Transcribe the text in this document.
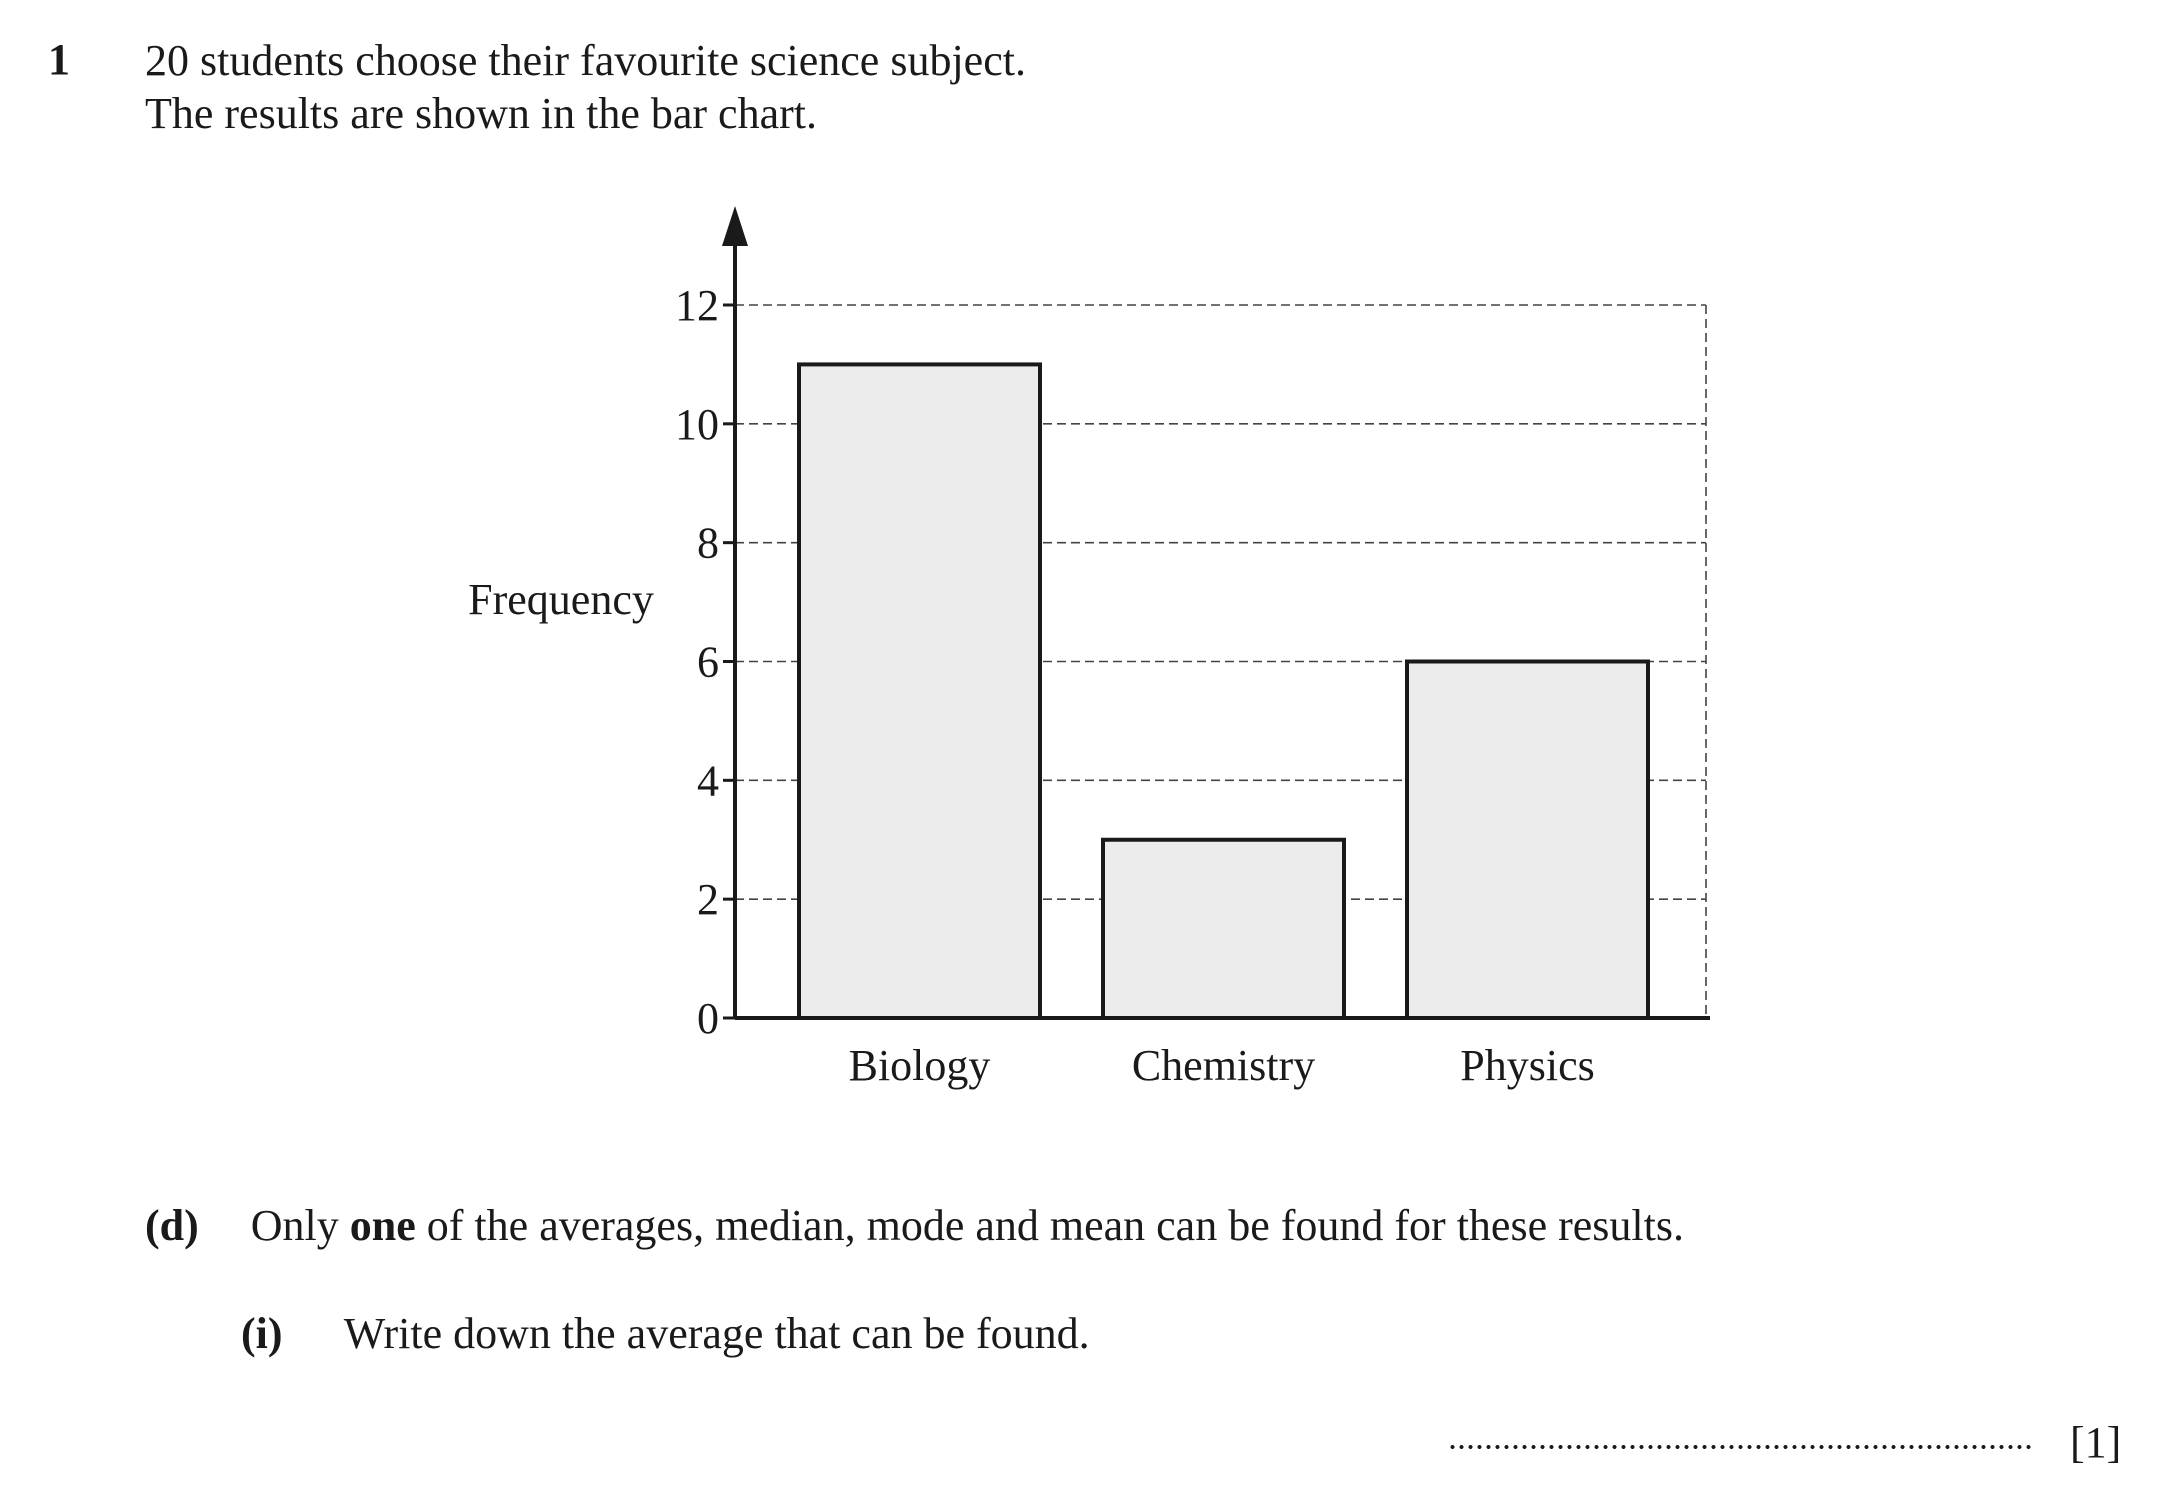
1 20 students choose their favourite science subject.
The results are shown in the bar chart.
Biology	Chemistry	Physics
0
2
4
6
8
10
12
Frequency
(d) Only one of the averages, median, mode and mean can be found for these results.
(i) Write down the average that can be found.
[1]
